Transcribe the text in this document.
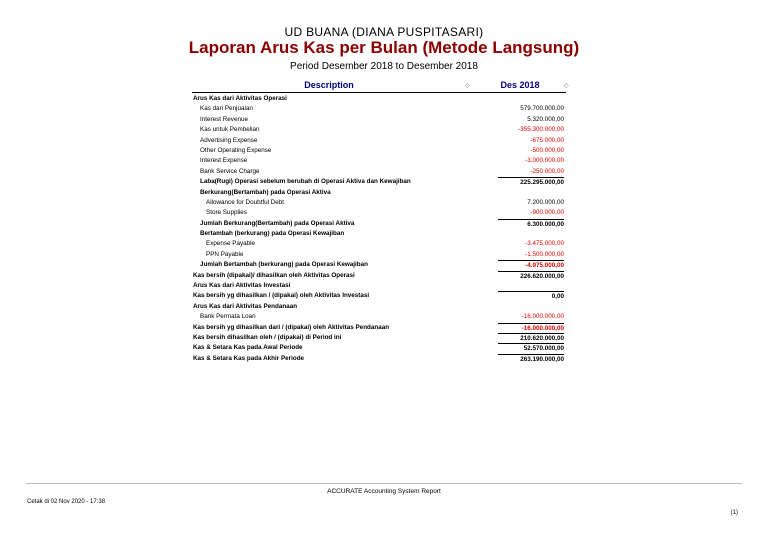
UD BUANA (DIANA PUSPITASARI)
Laporan Arus Kas per Bulan (Metode Langsung)
Period Desember 2018 to Desember 2018
Description	◇	Des 2018	◇
Arus Kas dari Aktivitas Operasi
Kas dari Penjualan	579.700.000,00
Interest Revenue	5.320.000,00
Kas untuk Pembelian	-355.300.000,00
Advertising Expense	-675.000,00
Other Operating Expense	-500.000,00
Interest Expense	-3.000.000,00
Bank Service Charge	-250.000,00
Laba(Rugi) Operasi sebelum berubah di Operasi Aktiva dan Kewajiban	225.295.000,00
Berkurang(Bertambah) pada Operasi Aktiva
Allowance for Doubtful Debt	7.200.000,00
Store Supplies	-900.000,00
Jumlah Berkurang(Bertambah) pada Operasi Aktiva	6.300.000,00
Bertambah (berkurang) pada Operasi Kewajiban
Expense Payable	-3.475.000,00
PPN Payable	-1.500.000,00
Jumlah Bertambah (berkurang) pada Operasi Kewajiban	-4.975.000,00
Kas bersih (dipakai)/ dihasilkan oleh Aktivitas Operasi	226.620.000,00
Arus Kas dari Aktivitas Investasi
Kas bersih yg dihasilkan / (dipakai) oleh Aktivitas Investasi	0,00
Arus Kas dari Aktivitas Pendanaan
Bank Permata Loan	-16.000.000,00
Kas bersih yg dihasilkan dari / (dipakai) oleh Aktivitas Pendanaan	-16.000.000,00
Kas bersih dihasilkan oleh / (dipakai) di Period ini	210.620.000,00
Kas & Setara Kas pada Awal Periode	52.570.000,00
Kas & Setara Kas pada Akhir Periode	263.190.000,00
ACCURATE Accounting System Report
Cetak di 02 Nov 2020 - 17:38
(1)
